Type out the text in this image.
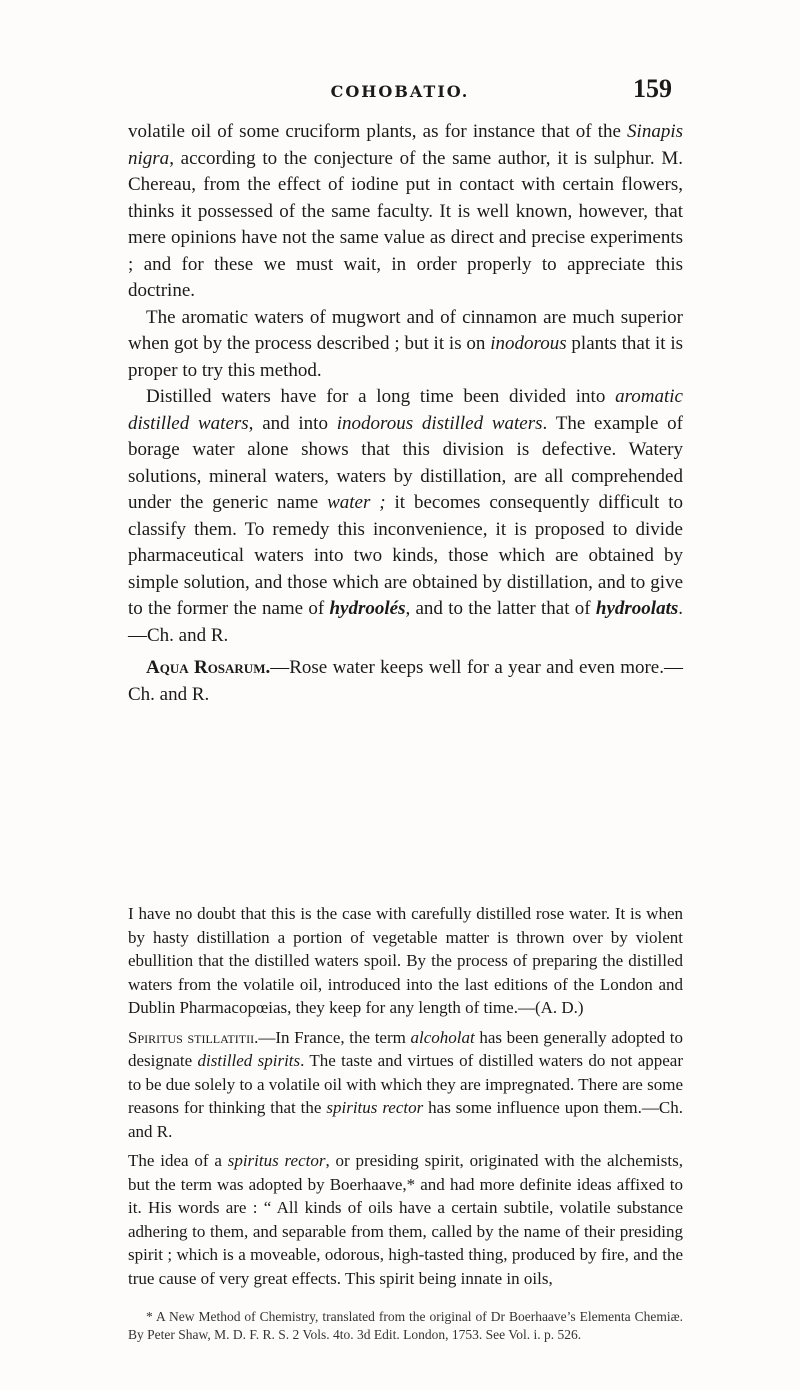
COHOBATIO.	159

volatile oil of some cruciform plants, as for instance that of the Sinapis nigra, according to the conjecture of the same author, it is sulphur. M. Chereau, from the effect of iodine put in contact with certain flowers, thinks it possessed of the same faculty. It is well known, however, that mere opinions have not the same value as direct and precise experiments ; and for these we must wait, in order properly to appreciate this doctrine.

The aromatic waters of mugwort and of cinnamon are much superior when got by the process described ; but it is on inodorous plants that it is proper to try this method.

Distilled waters have for a long time been divided into aromatic distilled waters, and into inodorous distilled waters. The example of borage water alone shows that this division is defective. Watery solutions, mineral waters, waters by distillation, are all comprehended under the generic name water ; it becomes consequently difficult to classify them. To remedy this inconvenience, it is proposed to divide pharmaceutical waters into two kinds, those which are obtained by simple solution, and those which are obtained by distillation, and to give to the former the name of hydroolés, and to the latter that of hydroolats.—Ch. and R.

Aqua Rosarum.—Rose water keeps well for a year and even more.—Ch. and R.

I have no doubt that this is the case with carefully distilled rose water. It is when by hasty distillation a portion of vegetable matter is thrown over by violent ebullition that the distilled waters spoil. By the process of preparing the distilled waters from the volatile oil, introduced into the last editions of the London and Dublin Pharmacopœias, they keep for any length of time.—(A. D.)

Spiritus stillatitii.—In France, the term alcoholat has been generally adopted to designate distilled spirits. The taste and virtues of distilled waters do not appear to be due solely to a volatile oil with which they are impregnated. There are some reasons for thinking that the spiritus rector has some influence upon them.—Ch. and R.

The idea of a spiritus rector, or presiding spirit, originated with the alchemists, but the term was adopted by Boerhaave,* and had more definite ideas affixed to it. His words are : “ All kinds of oils have a certain subtile, volatile substance adhering to them, and separable from them, called by the name of their presiding spirit ; which is a moveable, odorous, high-tasted thing, produced by fire, and the true cause of very great effects. This spirit being innate in oils,

* A New Method of Chemistry, translated from the original of Dr Boerhaave’s Elementa Chemiæ. By Peter Shaw, M. D. F. R. S. 2 Vols. 4to. 3d Edit. London, 1753. See Vol. i. p. 526.
